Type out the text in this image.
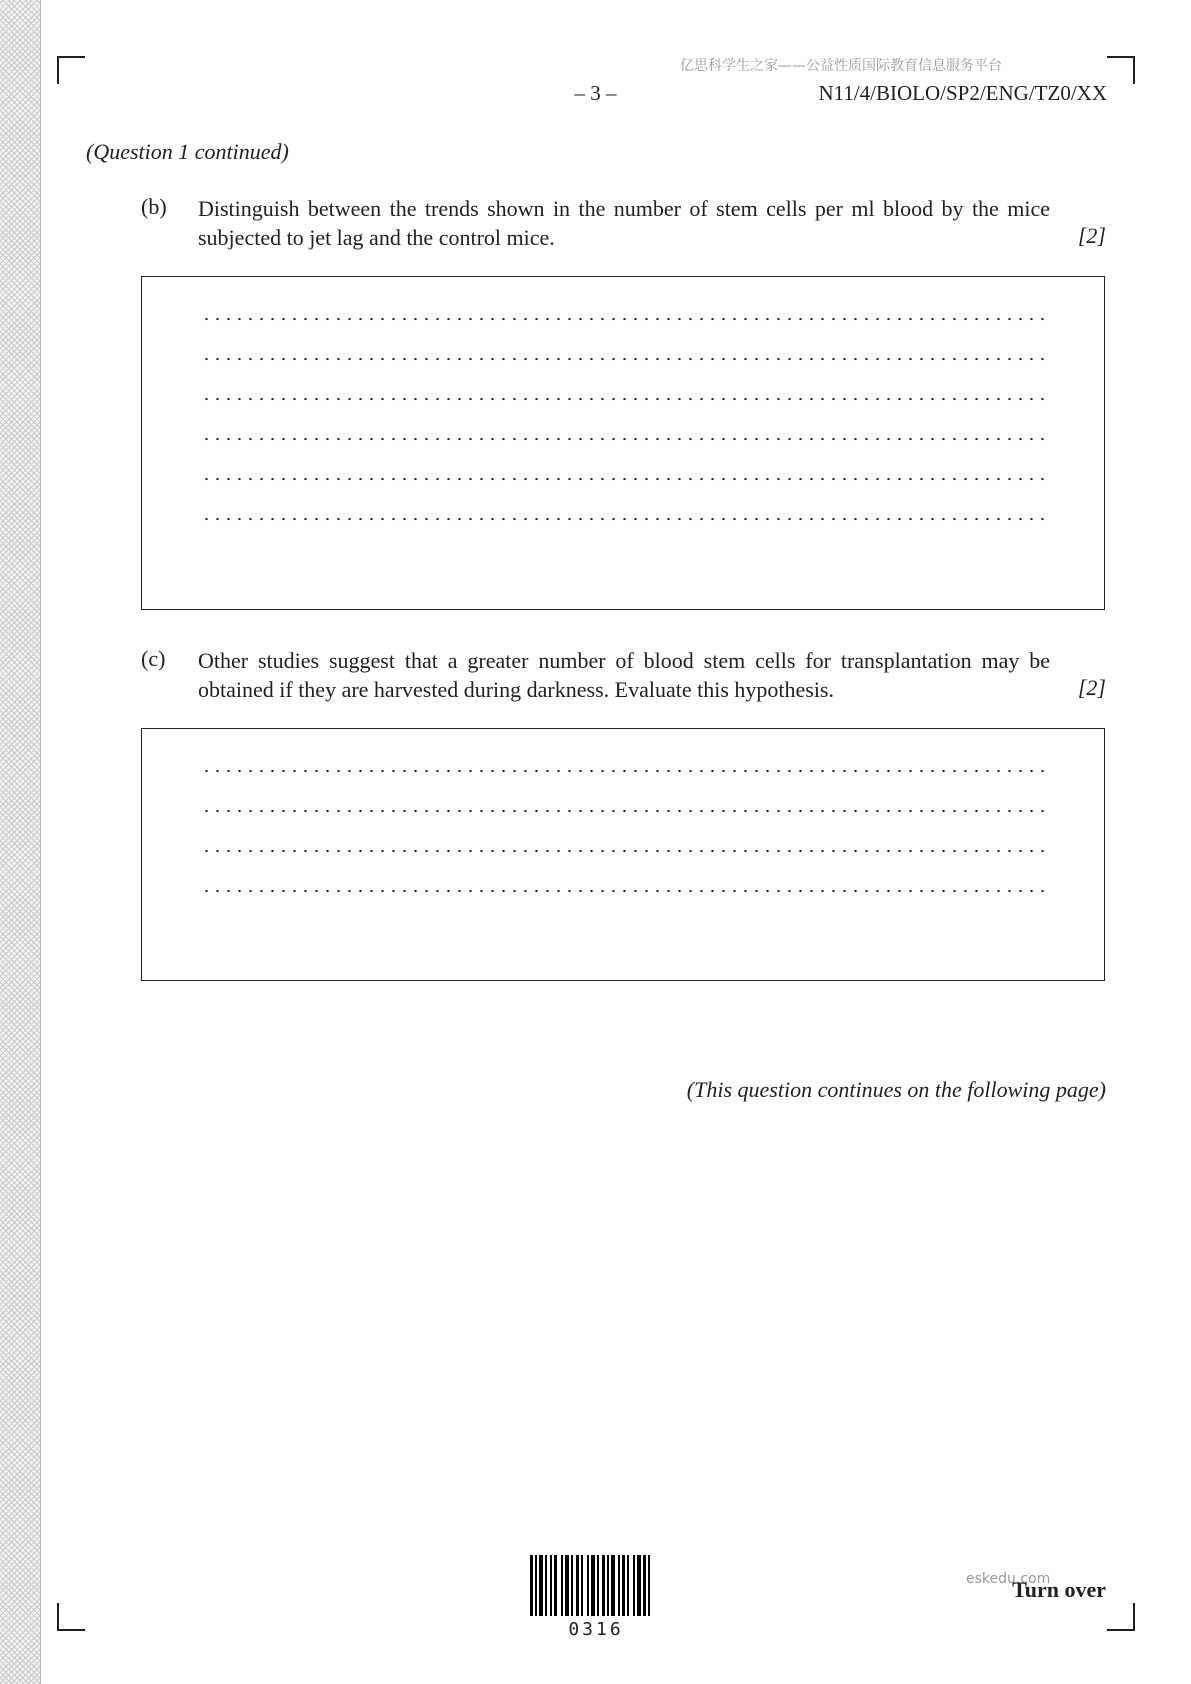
亿思科学生之家——公益性质国际教育信息服务平台
– 3 –	N11/4/BIOLO/SP2/ENG/TZ0/XX
(Question 1 continued)
(b) Distinguish between the trends shown in the number of stem cells per ml blood by the mice subjected to jet lag and the control mice.	[2]
(c) Other studies suggest that a greater number of blood stem cells for transplantation may be obtained if they are harvested during darkness. Evaluate this hypothesis.	[2]
(This question continues on the following page)
0316
eskedu.com
Turn over
